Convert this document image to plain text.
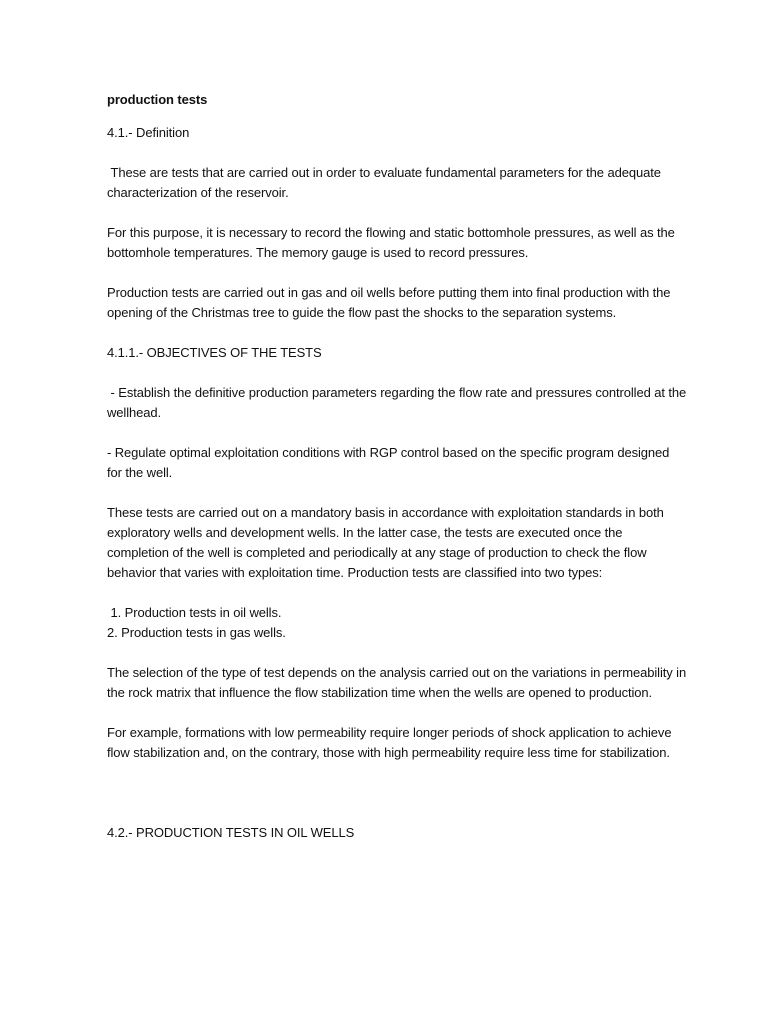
production tests
4.1.- Definition
These are tests that are carried out in order to evaluate fundamental parameters for the adequate characterization of the reservoir.
For this purpose, it is necessary to record the flowing and static bottomhole pressures, as well as the bottomhole temperatures. The memory gauge is used to record pressures.
Production tests are carried out in gas and oil wells before putting them into final production with the opening of the Christmas tree to guide the flow past the shocks to the separation systems.
4.1.1.- OBJECTIVES OF THE TESTS
- Establish the definitive production parameters regarding the flow rate and pressures controlled at the wellhead.
- Regulate optimal exploitation conditions with RGP control based on the specific program designed for the well.
These tests are carried out on a mandatory basis in accordance with exploitation standards in both exploratory wells and development wells. In the latter case, the tests are executed once the completion of the well is completed and periodically at any stage of production to check the flow behavior that varies with exploitation time. Production tests are classified into two types:
1. Production tests in oil wells.
2. Production tests in gas wells.
The selection of the type of test depends on the analysis carried out on the variations in permeability in the rock matrix that influence the flow stabilization time when the wells are opened to production.
For example, formations with low permeability require longer periods of shock application to achieve flow stabilization and, on the contrary, those with high permeability require less time for stabilization.
4.2.- PRODUCTION TESTS IN OIL WELLS
